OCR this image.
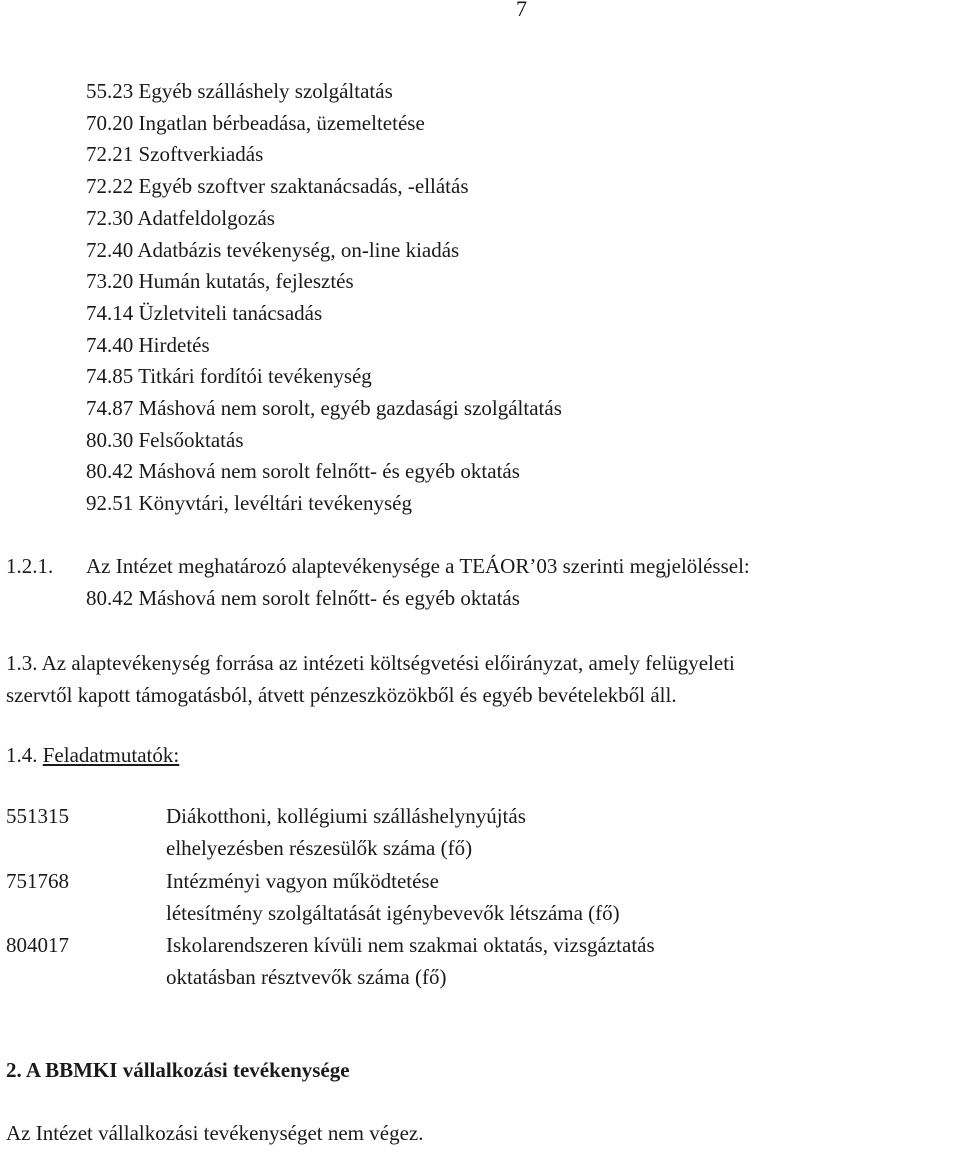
7
55.23 Egyéb szálláshely szolgáltatás
70.20 Ingatlan bérbeadása, üzemeltetése
72.21 Szoftverkiadás
72.22 Egyéb szoftver szaktanácsadás, -ellátás
72.30 Adatfeldolgozás
72.40 Adatbázis tevékenység, on-line kiadás
73.20 Humán kutatás, fejlesztés
74.14 Üzletviteli tanácsadás
74.40 Hirdetés
74.85 Titkári fordítói tevékenység
74.87 Máshová nem sorolt, egyéb gazdasági szolgáltatás
80.30 Felsőoktatás
80.42 Máshová nem sorolt felnőtt- és egyéb oktatás
92.51 Könyvtári, levéltári tevékenység
1.2.1. Az Intézet meghatározó alaptevékenysége a TEÁOR’03 szerinti megjelöléssel:
80.42 Máshová nem sorolt felnőtt- és egyéb oktatás
1.3. Az alaptevékenység forrása az intézeti költségvetési előirányzat, amely felügyeleti
szervtől kapott támogatásból, átvett pénzeszközökből és egyéb bevételekből áll.
1.4. Feladatmutatók:
551315	Diákotthoni, kollégiumi szálláshelynyújtás
elhelyezésben részesülők száma (fő)
751768	Intézményi vagyon működtetése
létesítmény szolgáltatását igénybevevők létszáma (fő)
804017	Iskolarendszeren kívüli nem szakmai oktatás, vizsgáztatás
oktatásban résztvevők száma (fő)
2. A BBMKI vállalkozási tevékenysége
Az Intézet vállalkozási tevékenységet nem végez.
